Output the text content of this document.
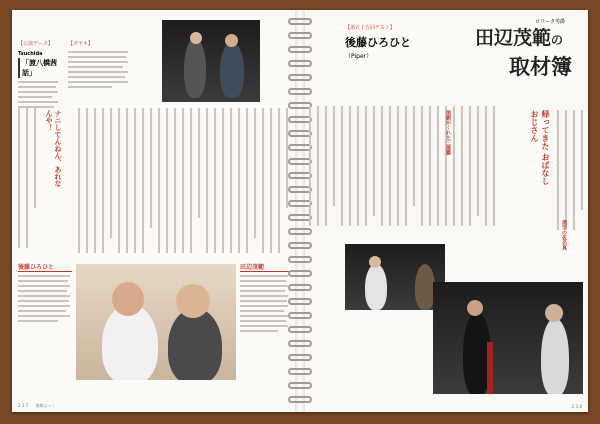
【公演データ】
Tsuchida
「渡八橋茜話」
【ボヤキ】
ナニしてんねん、あれなんや！
後藤ひろひと	田辺茂範
2 3 7 演劇ぶっく
【第五十五回ゲスト】
後藤ひろひと
（Piper）
ロリータ男爵
田辺茂範の
取材簿
演劇がくれた三連覇	帰ってきた おばなしおじさん
漢字の仮名真
2 3 8
